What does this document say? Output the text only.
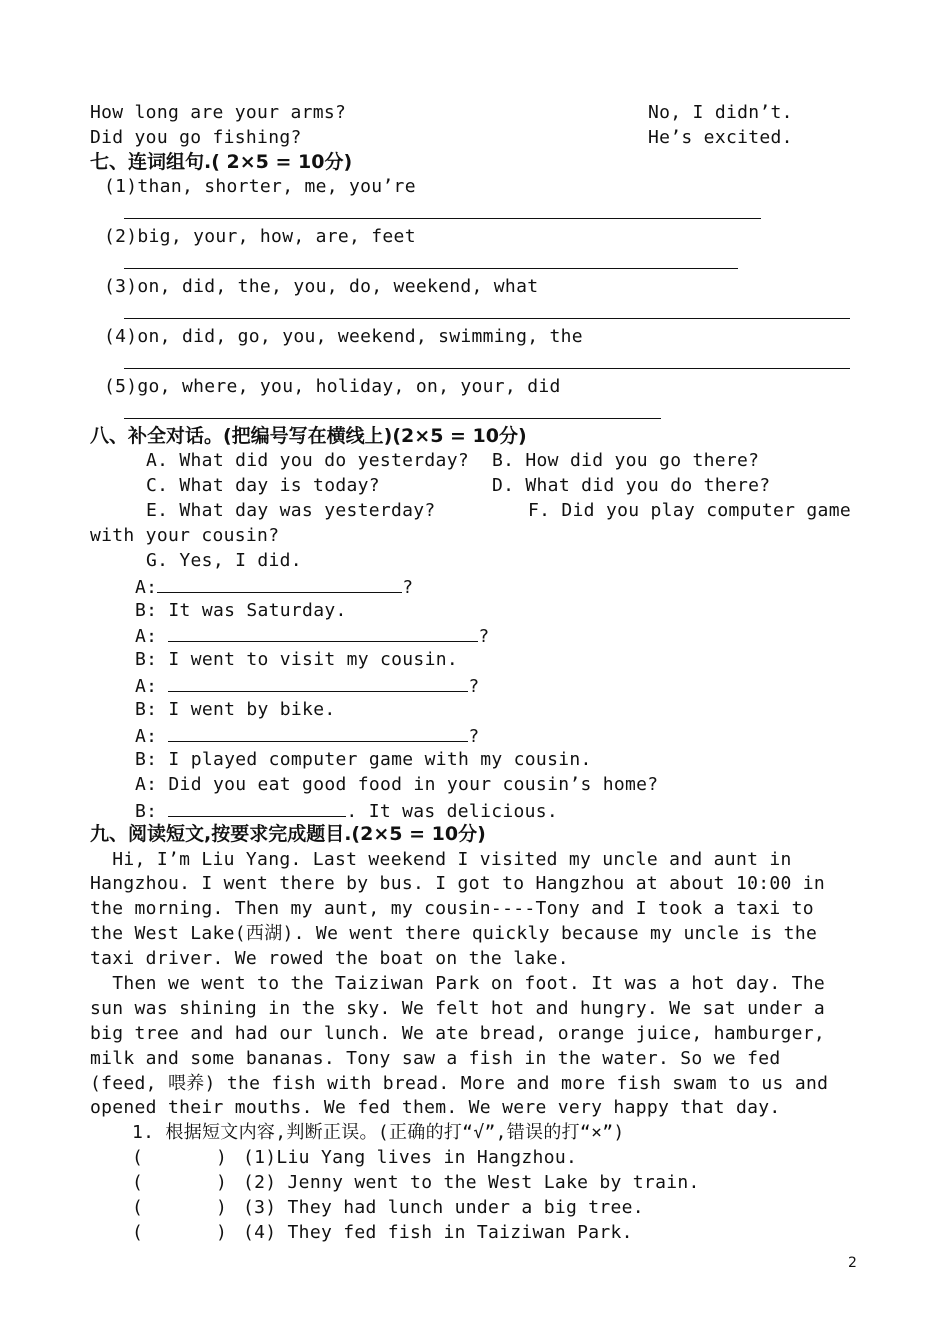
How long are your arms?	No, I didn’t.
Did you go fishing?	He’s excited.
七、连词组句.( 2×5 = 10分)
(1)than, shorter, me, you’re
(2)big, your, how, are, feet
(3)on, did, the, you, do, weekend, what
(4)on, did, go, you, weekend, swimming, the
(5)go, where, you, holiday, on, your, did
八、补全对话。(把编号写在横线上)(2×5 = 10分)
A. What did you do yesterday? B. How did you go there?
C. What day is today?	D. What did you do there?
E. What day was yesterday?	F. Did you play computer game
with your cousin?
G. Yes, I did.
A:	?
B: It was Saturday.
A:	?
B: I went to visit my cousin.
A:	?
B: I went by bike.
A:	?
B: I played computer game with my cousin.
A: Did you eat good food in your cousin’s home?
B:	. It was delicious.
九、阅读短文,按要求完成题目.(2×5 = 10分)
Hi, I’m Liu Yang. Last weekend I visited my uncle and aunt in
Hangzhou. I went there by bus. I got to Hangzhou at about 10:00 in
the morning. Then my aunt, my cousin----Tony and I took a taxi to
the West Lake(西湖). We went there quickly because my uncle is the
taxi driver. We rowed the boat on the lake.
Then we went to the Taiziwan Park on foot. It was a hot day. The
sun was shining in the sky. We felt hot and hungry. We sat under a
big tree and had our lunch. We ate bread, orange juice, hamburger,
milk and some bananas. Tony saw a fish in the water. So we fed
(feed, 喂养) the fish with bread. More and more fish swam to us and
opened their mouths. We fed them. We were very happy that day.
1. 根据短文内容,判断正误。(正确的打“√”,错误的打“×”)
(	) (1)Liu Yang lives in Hangzhou.
(	) (2) Jenny went to the West Lake by train.
(	) (3) They had lunch under a big tree.
(	) (4) They fed fish in Taiziwan Park.
2
